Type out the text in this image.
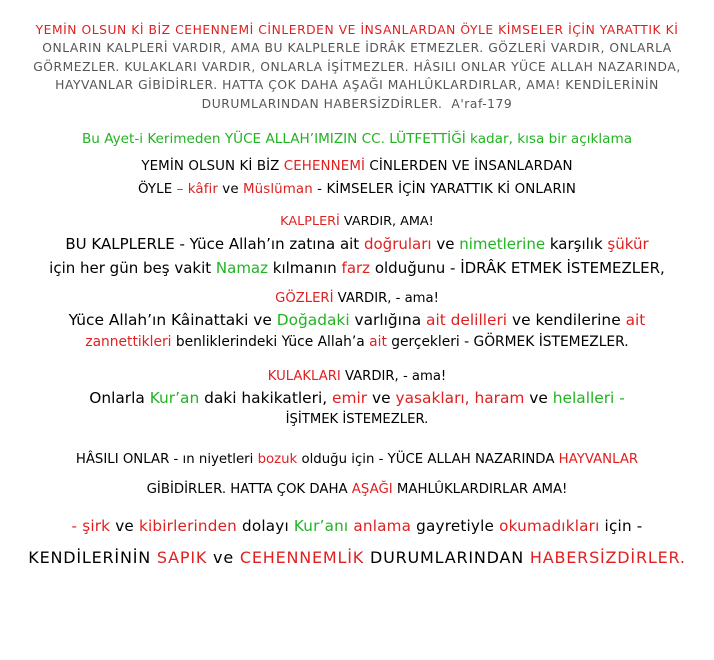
YEMİN OLSUN Kİ BİZ CEHENNEMİ CİNLERDEN VE İNSANLARDAN ÖYLE KİMSELER İÇİN YARATTIK Kİ

ONLARIN KALPLERİ VARDIR, AMA BU KALPLERLE İDRÂK ETMEZLER. GÖZLERİ VARDIR, ONLARLA

GÖRMEZLER. KULAKLARI VARDIR, ONLARLA İŞİTMEZLER. HÂSILI ONLAR YÜCE ALLAH NAZARINDA,

HAYVANLAR GİBİDİRLER. HATTA ÇOK DAHA AŞAĞI MAHLÛKLARDIRLAR, AMA! KENDİLERİNİN

DURUMLARINDAN HABERSİZDİRLER. A'raf-179

Bu Ayet-i Kerimeden YÜCE ALLAH’IMIZIN CC. LÜTFETTİĞİ kadar, kısa bir açıklama

YEMİN OLSUN Kİ BİZ CEHENNEMİ CİNLERDEN VE İNSANLARDAN

ÖYLE – kâfir ve Müslüman - KİMSELER İÇİN YARATTIK Kİ ONLARIN

KALPLERİ VARDIR, AMA!

BU KALPLERLE - Yüce Allah’ın zatına ait doğruları ve nimetlerine karşılık şükür

için her gün beş vakit Namaz kılmanın farz olduğunu - İDRÂK ETMEK İSTEMEZLER,

GÖZLERİ VARDIR, - ama!

Yüce Allah’ın Kâinattaki ve Doğadaki varlığına ait delilleri ve kendilerine ait

zannettikleri benliklerindeki Yüce Allah’a ait gerçekleri - GÖRMEK İSTEMEZLER.

KULAKLARI VARDIR, - ama!

Onlarla Kur’an daki hakikatleri, emir ve yasakları, haram ve helalleri -

İŞİTMEK İSTEMEZLER.

HÂSILI ONLAR - ın niyetleri bozuk olduğu için - YÜCE ALLAH NAZARINDA HAYVANLAR

GİBİDİRLER. HATTA ÇOK DAHA AŞAĞI MAHLÛKLARDIRLAR AMA!

- şirk ve kibirlerinden dolayı Kur’anı anlama gayretiyle okumadıkları için -

KENDİLERİNİN SAPIK ve CEHENNEMLİK DURUMLARINDAN HABERSİZDİRLER.
